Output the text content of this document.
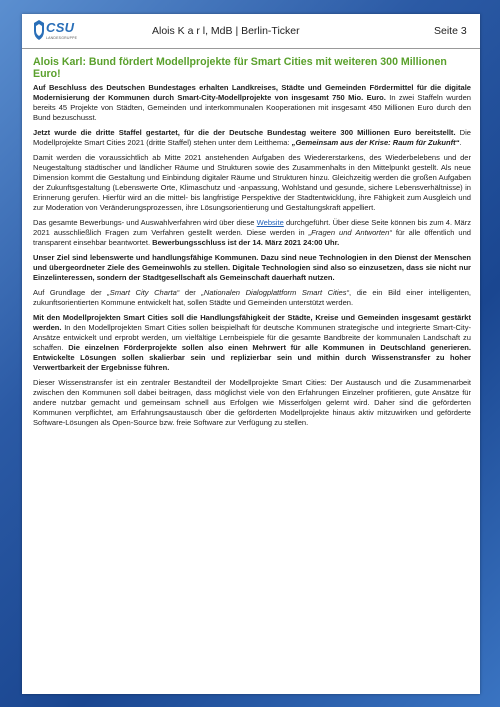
CSU
LANDESGRUPPE
Alois K a r l, MdB | Berlin-Ticker	Seite 3
Alois Karl: Bund fördert Modellprojekte für Smart Cities mit weiteren 300 Millionen Euro!
Auf Beschluss des Deutschen Bundestages erhalten Landkreises, Städte und Gemeinden Fördermittel für die digitale Modernisierung der Kommunen durch Smart-City-Modellprojekte von insgesamt 750 Mio. Euro. In zwei Staffeln wurden bereits 45 Projekte von Städten, Gemeinden und interkommunalen Kooperationen mit insgesamt 450 Millionen Euro durch den Bund bezuschusst.
Jetzt wurde die dritte Staffel gestartet, für die der Deutsche Bundestag weitere 300 Millionen Euro bereitstellt. Die Modellprojekte Smart Cities 2021 (dritte Staffel) stehen unter dem Leitthema: „Gemeinsam aus der Krise: Raum für Zukunft“.
Damit werden die voraussichtlich ab Mitte 2021 anstehenden Aufgaben des Wiedererstarkens, des Wiederbelebens und der Neugestaltung städtischer und ländlicher Räume und Strukturen sowie des Zusammenhalts in den Mittelpunkt gestellt. Als neue Dimension kommt die Gestaltung und Einbindung digitaler Räume und Strukturen hinzu. Gleichzeitig werden die großen Aufgaben der Zukunftsgestaltung (Lebenswerte Orte, Klimaschutz und -anpassung, Wohlstand und gesunde, sichere Lebensverhältnisse) in Erinnerung gerufen. Hierfür wird an die mittel- bis langfristige Perspektive der Stadtentwicklung, ihre Fähigkeit zum Ausgleich und zur Moderation von Veränderungsprozessen, ihre Lösungsorientierung und Gestaltungskraft appelliert.
Das gesamte Bewerbungs- und Auswahlverfahren wird über diese Website durchgeführt. Über diese Seite können bis zum 4. März 2021 ausschließlich Fragen zum Verfahren gestellt werden. Diese werden in „Fragen und Antworten“ für alle öffentlich und transparent einsehbar beantwortet. Bewerbungsschluss ist der 14. März 2021 24:00 Uhr.
Unser Ziel sind lebenswerte und handlungsfähige Kommunen. Dazu sind neue Technologien in den Dienst der Menschen und übergeordneter Ziele des Gemeinwohls zu stellen. Digitale Technologien sind also so einzusetzen, dass sie nicht nur Einzelinteressen, sondern der Stadtgesellschaft als Gemeinschaft dauerhaft nutzen.
Auf Grundlage der „Smart City Charta“ der „Nationalen Dialogplattform Smart Cities“, die ein Bild einer intelligenten, zukunftsorientierten Kommune entwickelt hat, sollen Städte und Gemeinden unterstützt werden.
Mit den Modellprojekten Smart Cities soll die Handlungsfähigkeit der Städte, Kreise und Gemeinden insgesamt gestärkt werden. In den Modellprojekten Smart Cities sollen beispielhaft für deutsche Kommunen strategische und integrierte Smart-City-Ansätze entwickelt und erprobt werden, um vielfältige Lernbeispiele für die gesamte Bandbreite der kommunalen Landschaft zu schaffen. Die einzelnen Förderprojekte sollen also einen Mehrwert für alle Kommunen in Deutschland generieren. Entwickelte Lösungen sollen skalierbar sein und replizierbar sein und mithin durch Wissenstransfer zu hoher Verwertbarkeit der Ergebnisse führen.
Dieser Wissenstransfer ist ein zentraler Bestandteil der Modellprojekte Smart Cities: Der Austausch und die Zusammenarbeit zwischen den Kommunen soll dabei beitragen, dass möglichst viele von den Erfahrungen Einzelner profitieren, gute Ansätze für andere nutzbar gemacht und gemeinsam schnell aus Erfolgen wie Misserfolgen gelernt wird. Daher sind die geförderten Kommunen verpflichtet, am Erfahrungsaustausch über die geförderten Modellprojekte hinaus aktiv mitzuwirken und geförderte Software-Lösungen als Open-Source bzw. freie Software zur Verfügung zu stellen.
